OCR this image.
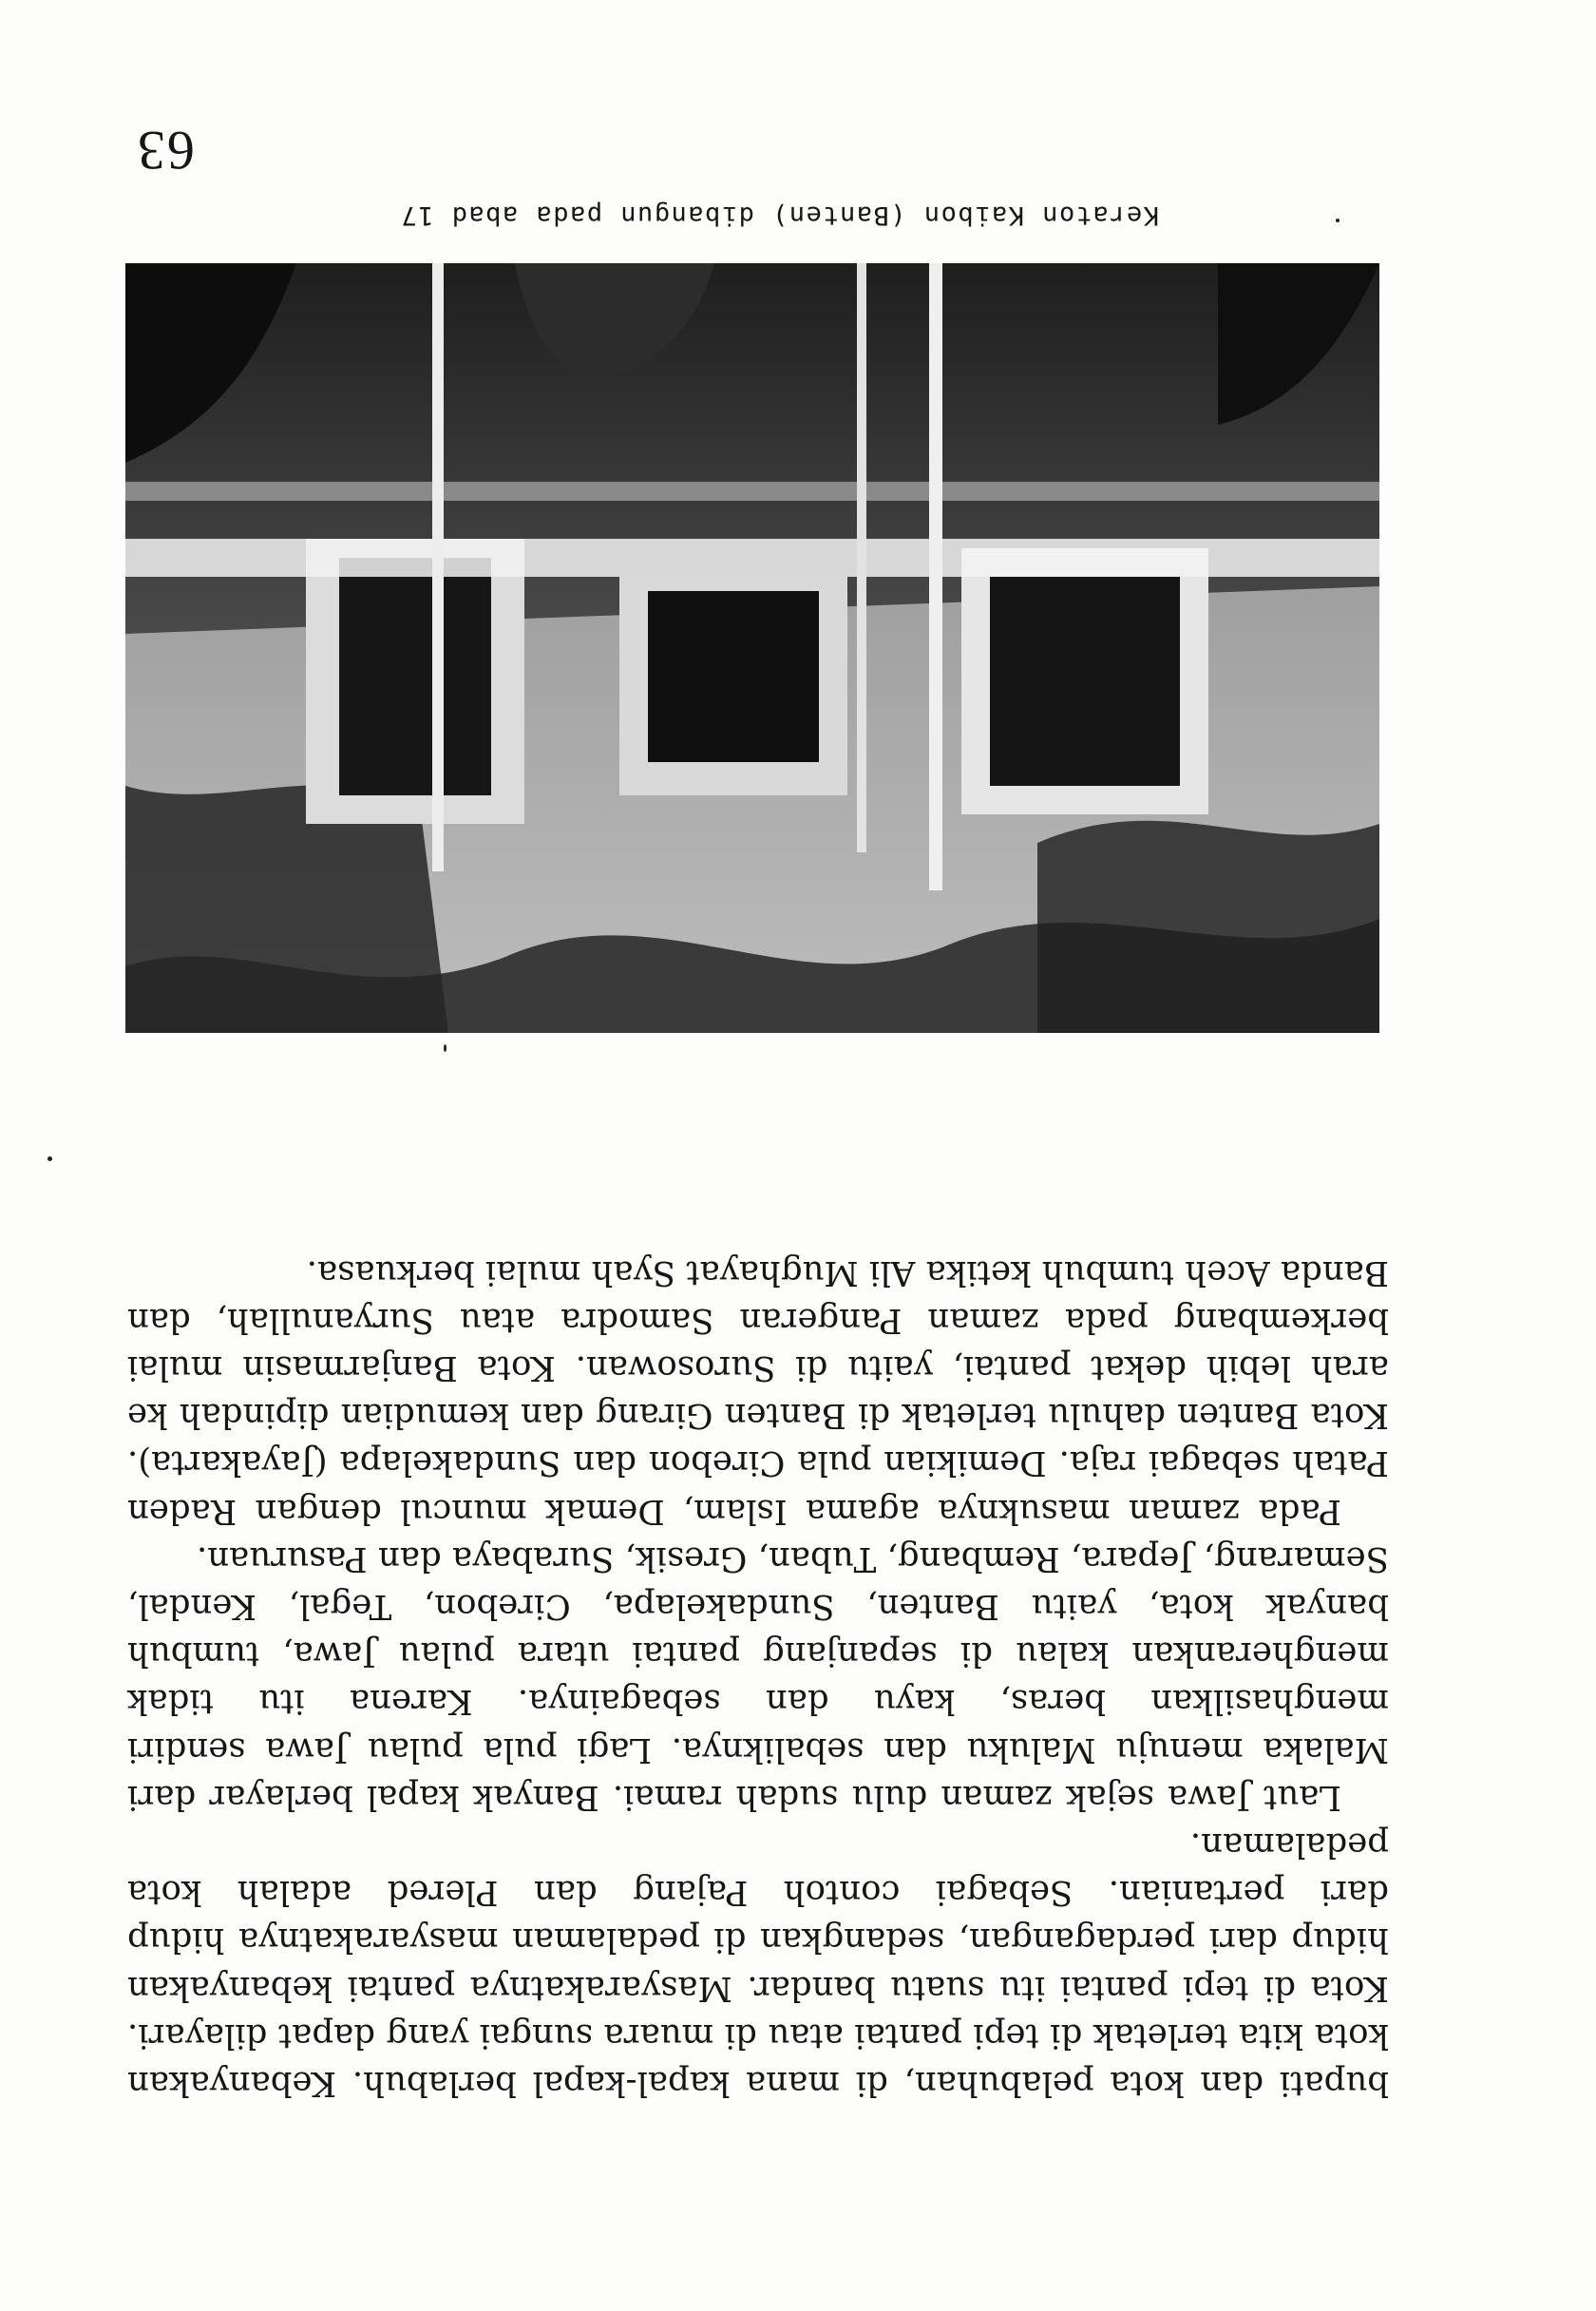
63
Keraton Kaibon (Banten) dibangun pada abad 17

bupati dan kota pelabuhan, di mana kapal-kapal berlabuh. Kebanyakan kota kita terletak di tepi pantai atau di muara sungai yang dapat dilayari. Kota di tepi pantai itu suatu bandar. Masyarakatnya pantai kebanyakan hidup dari perdagangan, sedangkan di pedalaman masyarakatnya hidup dari pertanian. Sebagai contoh Pajang dan Plered adalah kota pedalaman.

Laut Jawa sejak zaman dulu sudah ramai. Banyak kapal berlayar dari Malaka menuju Maluku dan sebaliknya. Lagi pula pulau Jawa sendiri menghasilkan beras, kayu dan sebagainya. Karena itu tidak mengherankan kalau di sepanjang pantai utara pulau Jawa, tumbuh banyak kota, yaitu Banten, Sundakelapa, Cirebon, Tegal, Kendal, Semarang, Jepara, Rembang, Tuban, Gresik, Surabaya dan Pasuruan.

Pada zaman masuknya agama Islam, Demak muncul dengan Raden Patah sebagai raja. Demikian pula Cirebon dan Sundakelapa (Jayakarta). Kota Banten dahulu terletak di Banten Girang dan kemudian dipindah ke arah lebih dekat pantai, yaitu di Surosowan. Kota Banjarmasin mulai berkembang pada zaman Pangeran Samodra atau Suryanullah, dan Banda Aceh tumbuh ketika Ali Mughayat Syah mulai berkuasa.
